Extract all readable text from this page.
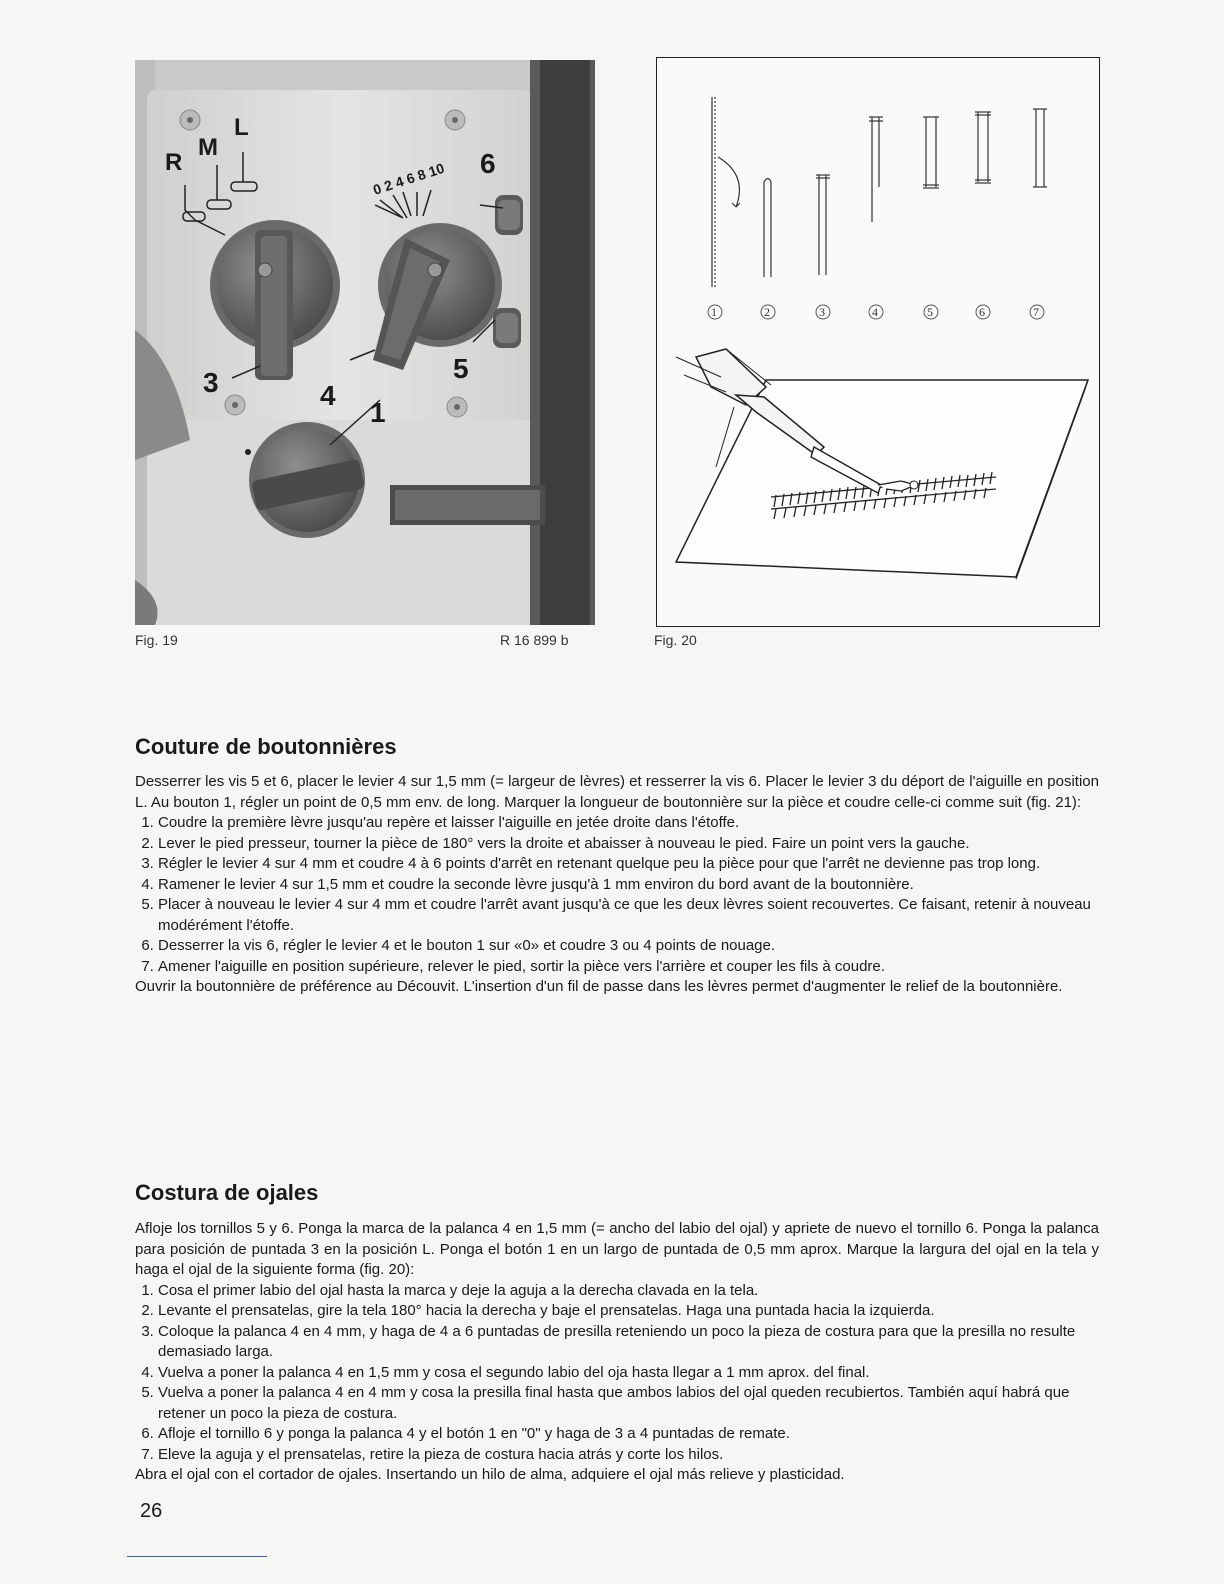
R
M
L
0 2 4 6 8 10 6
5
3	4
1
Fig. 19	R 16 899 b
1	2	3	4	5	6	7
Fig. 20
Couture de boutonnières

Desserrer les vis 5 et 6, placer le levier 4 sur 1,5 mm (= largeur de lèvres) et resserrer la vis 6. Placer le levier 3 du déport de l'aiguille en position L. Au bouton 1, régler un point de 0,5 mm env. de long. Marquer la longueur de boutonnière sur la pièce et coudre celle-ci comme suit (fig. 21):

1. Coudre la première lèvre jusqu'au repère et laisser l'aiguille en jetée droite dans l'étoffe.
2. Lever le pied presseur, tourner la pièce de 180° vers la droite et abaisser à nouveau le pied. Faire un point vers la gauche.
3. Régler le levier 4 sur 4 mm et coudre 4 à 6 points d'arrêt en retenant quelque peu la pièce pour que l'arrêt ne devienne pas trop long.
4. Ramener le levier 4 sur 1,5 mm et coudre la seconde lèvre jusqu'à 1 mm environ du bord avant de la boutonnière.
5. Placer à nouveau le levier 4 sur 4 mm et coudre l'arrêt avant jusqu'à ce que les deux lèvres soient recouvertes. Ce faisant, retenir à nouveau modérément l'étoffe.
6. Desserrer la vis 6, régler le levier 4 et le bouton 1 sur «0» et coudre 3 ou 4 points de nouage.
7. Amener l'aiguille en position supérieure, relever le pied, sortir la pièce vers l'arrière et couper les fils à coudre.

Ouvrir la boutonnière de préférence au Découvit. L'insertion d'un fil de passe dans les lèvres permet d'augmenter le relief de la boutonnière.

Costura de ojales

Afloje los tornillos 5 y 6. Ponga la marca de la palanca 4 en 1,5 mm (= ancho del labio del ojal) y apriete de nuevo el tornillo 6. Ponga la palanca para posición de puntada 3 en la posición L. Ponga el botón 1 en un largo de puntada de 0,5 mm aprox. Marque la largura del ojal en la tela y haga el ojal de la siguiente forma (fig. 20):

1. Cosa el primer labio del ojal hasta la marca y deje la aguja a la derecha clavada en la tela.
2. Levante el prensatelas, gire la tela 180° hacia la derecha y baje el prensatelas. Haga una puntada hacia la izquierda.
3. Coloque la palanca 4 en 4 mm, y haga de 4 a 6 puntadas de presilla reteniendo un poco la pieza de costura para que la presilla no resulte demasiado larga.
4. Vuelva a poner la palanca 4 en 1,5 mm y cosa el segundo labio del oja hasta llegar a 1 mm aprox. del final.
5. Vuelva a poner la palanca 4 en 4 mm y cosa la presilla final hasta que ambos labios del ojal queden recubiertos. También aquí habrá que retener un poco la pieza de costura.
6. Afloje el tornillo 6 y ponga la palanca 4 y el botón 1 en "0" y haga de 3 a 4 puntadas de remate.
7. Eleve la aguja y el prensatelas, retire la pieza de costura hacia atrás y corte los hilos.

Abra el ojal con el cortador de ojales. Insertando un hilo de alma, adquiere el ojal más relieve y plasticidad.

26
